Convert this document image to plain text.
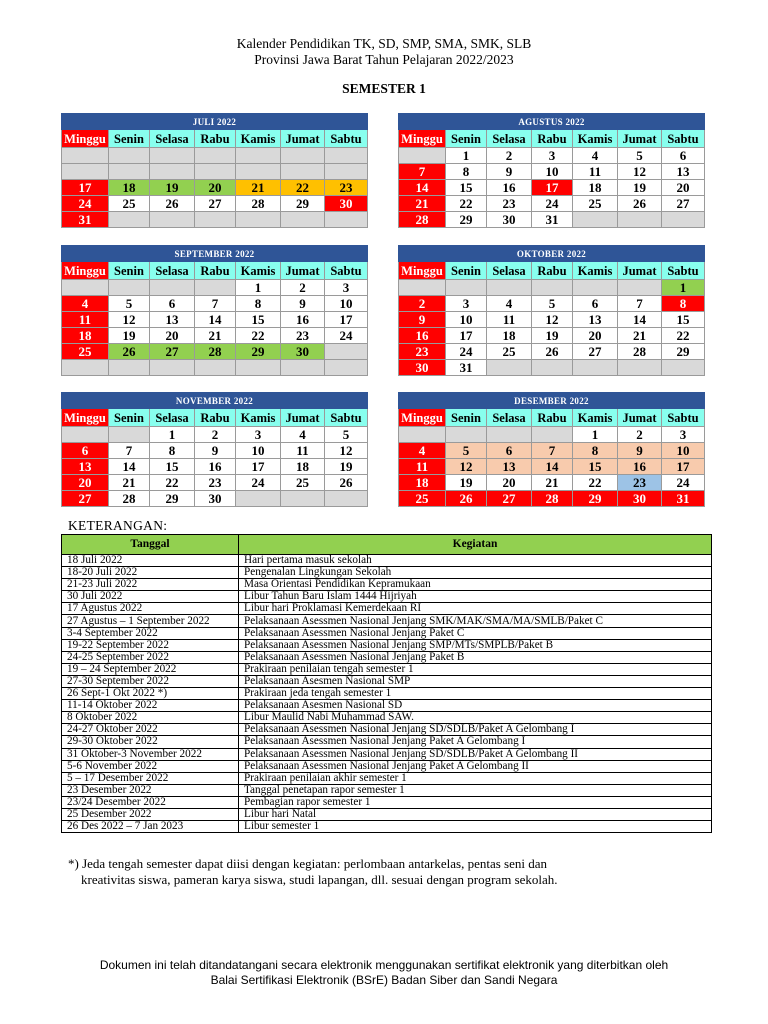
Kalender Pendidikan TK, SD, SMP, SMA, SMK, SLB
Provinsi Jawa Barat Tahun Pelajaran 2022/2023
SEMESTER 1
JULI 2022						
Minggu	Senin	Selasa	Rabu	Kamis	Jumat	Sabtu

17	18	19	20	21	22	23
24	25	26	27	28	29	30
31						
AGUSTUS 2022						
Minggu	Senin	Selasa	Rabu	Kamis	Jumat	Sabtu
	1	2	3	4	5	6
7	8	9	10	11	12	13
14	15	16	17	18	19	20
21	22	23	24	25	26	27
28	29	30	31			
SEPTEMBER 2022						
Minggu	Senin	Selasa	Rabu	Kamis	Jumat	Sabtu
				1	2	3
4	5	6	7	8	9	10
11	12	13	14	15	16	17
18	19	20	21	22	23	24
25	26	27	28	29	30	

OKTOBER 2022						
Minggu	Senin	Selasa	Rabu	Kamis	Jumat	Sabtu
						1
2	3	4	5	6	7	8
9	10	11	12	13	14	15
16	17	18	19	20	21	22
23	24	25	26	27	28	29
30	31					
NOVEMBER 2022						
Minggu	Senin	Selasa	Rabu	Kamis	Jumat	Sabtu
		1	2	3	4	5
6	7	8	9	10	11	12
13	14	15	16	17	18	19
20	21	22	23	24	25	26
27	28	29	30			
DESEMBER 2022						
Minggu	Senin	Selasa	Rabu	Kamis	Jumat	Sabtu
				1	2	3
4	5	6	7	8	9	10
11	12	13	14	15	16	17
18	19	20	21	22	23	24
25	26	27	28	29	30	31
KETERANGAN:
Tanggal	Kegiatan
18 Juli 2022	Hari pertama masuk sekolah
18-20 Juli 2022	Pengenalan Lingkungan Sekolah
21-23 Juli 2022	Masa Orientasi Pendidikan Kepramukaan
30 Juli 2022	Libur Tahun Baru Islam 1444 Hijriyah
17 Agustus 2022	Libur hari Proklamasi Kemerdekaan RI
27 Agustus – 1 September 2022	Pelaksanaan Asessmen Nasional Jenjang SMK/MAK/SMA/MA/SMLB/Paket C
3-4 September 2022	Pelaksanaan Asessmen Nasional Jenjang Paket C
19-22 September 2022	Pelaksanaan Asessmen Nasional Jenjang SMP/MTs/SMPLB/Paket B
24-25 September 2022	Pelaksanaan Asessmen Nasional Jenjang Paket B
19 – 24 September 2022	Prakiraan penilaian tengah semester 1
27-30 September 2022	Pelaksanaan Asesmen Nasional SMP
26 Sept-1 Okt 2022 *)	Prakiraan jeda tengah semester 1
11-14 Oktober 2022	Pelaksanaan Asesmen Nasional SD
8 Oktober 2022	Libur Maulid Nabi Muhammad SAW.
24-27 Oktober 2022	Pelaksanaan Asessmen Nasional Jenjang SD/SDLB/Paket A Gelombang I
29-30 Oktober 2022	Pelaksanaan Asessmen Nasional Jenjang Paket A Gelombang I
31 Oktober-3 November 2022	Pelaksanaan Asessmen Nasional Jenjang SD/SDLB/Paket A Gelombang II
5-6 November 2022	Pelaksanaan Asessmen Nasional Jenjang Paket A Gelombang II
5 – 17 Desember 2022	Prakiraan penilaian akhir semester 1
23 Desember 2022	Tanggal penetapan rapor semester 1
23/24 Desember 2022	Pembagian rapor semester 1
25 Desember 2022	Libur hari Natal
26 Des 2022 – 7 Jan 2023	Libur semester 1
*) Jeda tengah semester dapat diisi dengan kegiatan: perlombaan antarkelas, pentas seni dan
kreativitas siswa, pameran karya siswa, studi lapangan, dll. sesuai dengan program sekolah.
Dokumen ini telah ditandatangani secara elektronik menggunakan sertifikat elektronik yang diterbitkan oleh
Balai Sertifikasi Elektronik (BSrE) Badan Siber dan Sandi Negara
